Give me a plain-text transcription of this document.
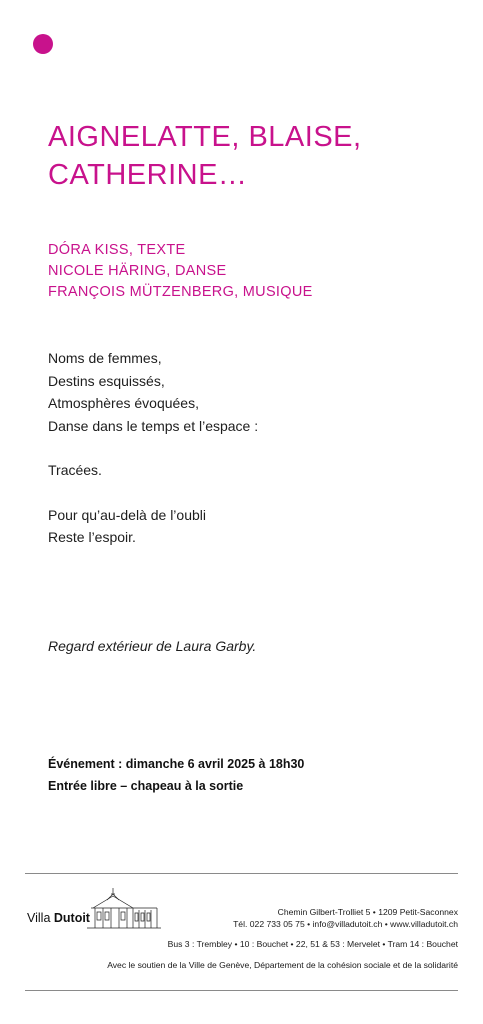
AIGNELATTE, BLAISE,
CATHERINE…
DÓRA KISS, TEXTE
NICOLE HÄRING, DANSE
FRANÇOIS MÜTZENBERG, MUSIQUE
Noms de femmes,
Destins esquissés,
Atmosphères évoquées,
Danse dans le temps et l’espace :
Tracées.
Pour qu’au-delà de l’oubli
Reste l’espoir.
Regard extérieur de Laura Garby.
Événement : dimanche 6 avril 2025 à 18h30
Entrée libre – chapeau à la sortie
Villa Dutoit	Chemin Gilbert-Trolliet 5 • 1209 Petit-Saconnex
Tél. 022 733 05 75 • info@villadutoit.ch • www.villadutoit.ch
Bus 3 : Trembley • 10 : Bouchet • 22, 51 & 53 : Mervelet • Tram 14 : Bouchet
Avec le soutien de la Ville de Genève, Département de la cohésion sociale et de la solidarité
